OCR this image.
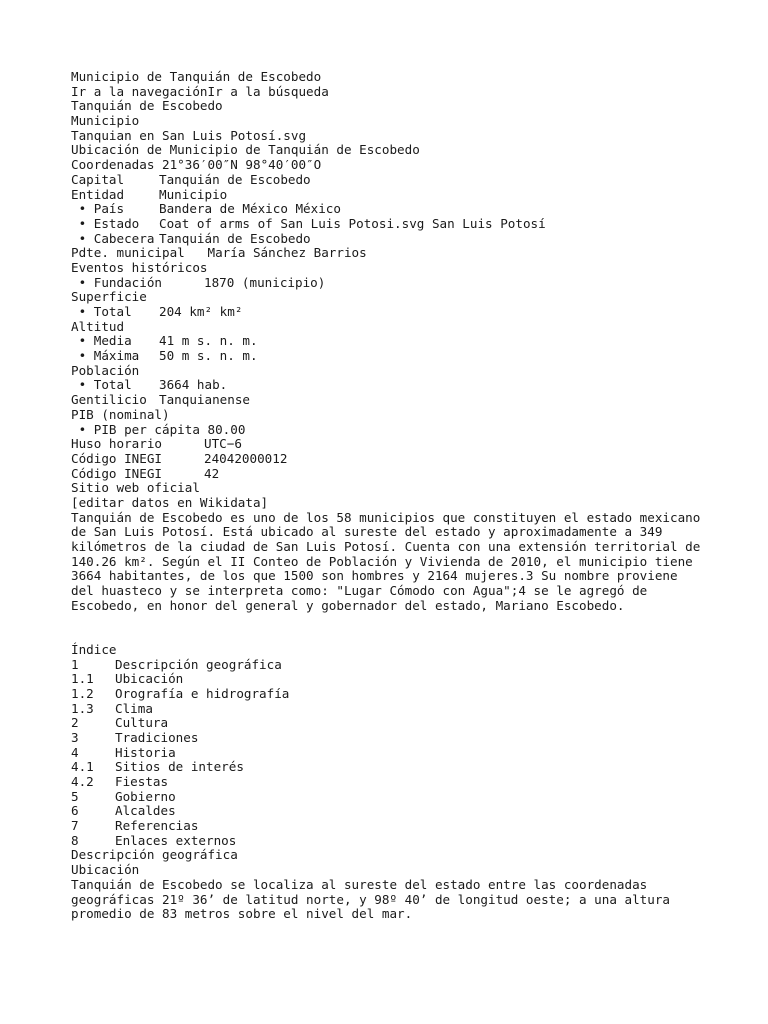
Municipio de Tanquián de Escobedo
Ir a la navegaciónIr a la búsqueda
Tanquián de Escobedo
Municipio
Tanquian en San Luis Potosí.svg
Ubicación de Municipio de Tanquián de Escobedo
Coordenadas 21°36′00″N 98°40′00″O
Capital	Tanquián de Escobedo
Entidad	Municipio
• País	Bandera de México México
• Estado Coat of arms of San Luis Potosi.svg San Luis Potosí
• Cabecera Tanquián de Escobedo
Pdte. municipal María Sánchez Barrios
Eventos históricos
• Fundación	1870 (municipio)
Superficie
• Total 204 km² km²
Altitud
• Media 41 m s. n. m.
• Máxima 50 m s. n. m.
Población
• Total 3664 hab.
Gentilicio Tanquianense
PIB (nominal)
• PIB per cápita 80.00
Huso horario	UTC−6
Código INEGI	24042000012
Código INEGI	42
Sitio web oficial
[editar datos en Wikidata]
Tanquián de Escobedo es uno de los 58 municipios que constituyen el estado mexicano
de San Luis Potosí. Está ubicado al sureste del estado y aproximadamente a 349
kilómetros de la ciudad de San Luis Potosí. Cuenta con una extensión territorial de
140.26 km². Según el II Conteo de Población y Vivienda de 2010, el municipio tiene
3664 habitantes, de los que 1500 son hombres y 2164 mujeres.3 Su nombre proviene
del huasteco y se interpreta como: "Lugar Cómodo con Agua";4 se le agregó de
Escobedo, en honor del general y gobernador del estado, Mariano Escobedo.
Índice
1	Descripción geográfica
1.1 Ubicación
1.2 Orografía e hidrografía
1.3 Clima
2	Cultura
3	Tradiciones
4	Historia
4.1 Sitios de interés
4.2 Fiestas
5	Gobierno
6	Alcaldes
7	Referencias
8	Enlaces externos
Descripción geográfica
Ubicación
Tanquián de Escobedo se localiza al sureste del estado entre las coordenadas
geográficas 21º 36’ de latitud norte, y 98º 40’ de longitud oeste; a una altura
promedio de 83 metros sobre el nivel del mar.
